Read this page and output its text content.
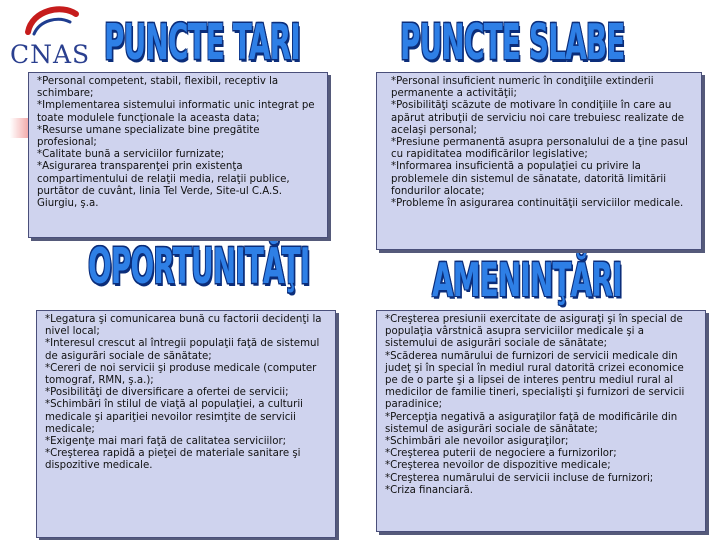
CNAS PUNCTE TARI	PUNCTE SLABE
OPORTUNITĂŢI	AMENINŢĂRI

*Personal competent, stabil, flexibil, receptiv la schimbare;

*Implementarea sistemului informatic unic integrat pe toate modulele funcţionale la aceasta data;

*Resurse umane specializate bine pregătite profesional;

*Calitate bună a serviciilor furnizate;

*Asigurarea transparenţei prin existenţa compartimentului de relaţii media, relaţii publice, purtător de cuvânt, linia Tel Verde, Site-ul C.A.S. Giurgiu, ş.a.

*Personal insuficient numeric în condiţiile extinderii permanente a activităţii;

*Posibilităţi scăzute de motivare în condiţiile în care au apărut atribuţii de serviciu noi care trebuiesc realizate de acelaşi personal;

*Presiune permanentă asupra personalului de a ţine pasul cu rapiditatea modificărilor legislative;

*Informarea insuficientă a populaţiei cu privire la problemele din sistemul de sănatate, datorită limitării fondurilor alocate;

*Probleme în asigurarea continuităţii serviciilor medicale.

*Legatura şi comunicarea bună cu factorii decidenţi la nivel local;

*Interesul crescut al întregii populaţii faţă de sistemul de asigurări sociale de sănătate;

*Cereri de noi servicii şi produse medicale (computer tomograf, RMN, ş.a.);

*Posibilităţi de diversificare a ofertei de servicii;

*Schimbări în stilul de viaţă al populaţiei, a culturii medicale şi apariţiei nevoilor resimţite de servicii medicale;

*Exigenţe mai mari faţă de calitatea serviciilor;

*Creşterea rapidă a pieţei de materiale sanitare şi dispozitive medicale.

*Creşterea presiunii exercitate de asiguraţi şi în special de populaţia vârstnică asupra serviciilor medicale şi a sistemului de asigurări sociale de sănătate;

*Scăderea numărului de furnizori de servicii medicale din judeţ şi în special în mediul rural datorită crizei economice pe de o parte şi a lipsei de interes pentru mediul rural al medicilor de familie tineri, specialişti şi furnizori de servicii paradinice;

*Percepţia negativă a asiguraţilor faţă de modificările din sistemul de asigurări sociale de sănătate;

*Schimbări ale nevoilor asiguraţilor;

*Creşterea puterii de negociere a furnizorilor;

*Creşterea nevoilor de dispozitive medicale;

*Creşterea numărului de servicii incluse de furnizori;

*Criza financiară.
